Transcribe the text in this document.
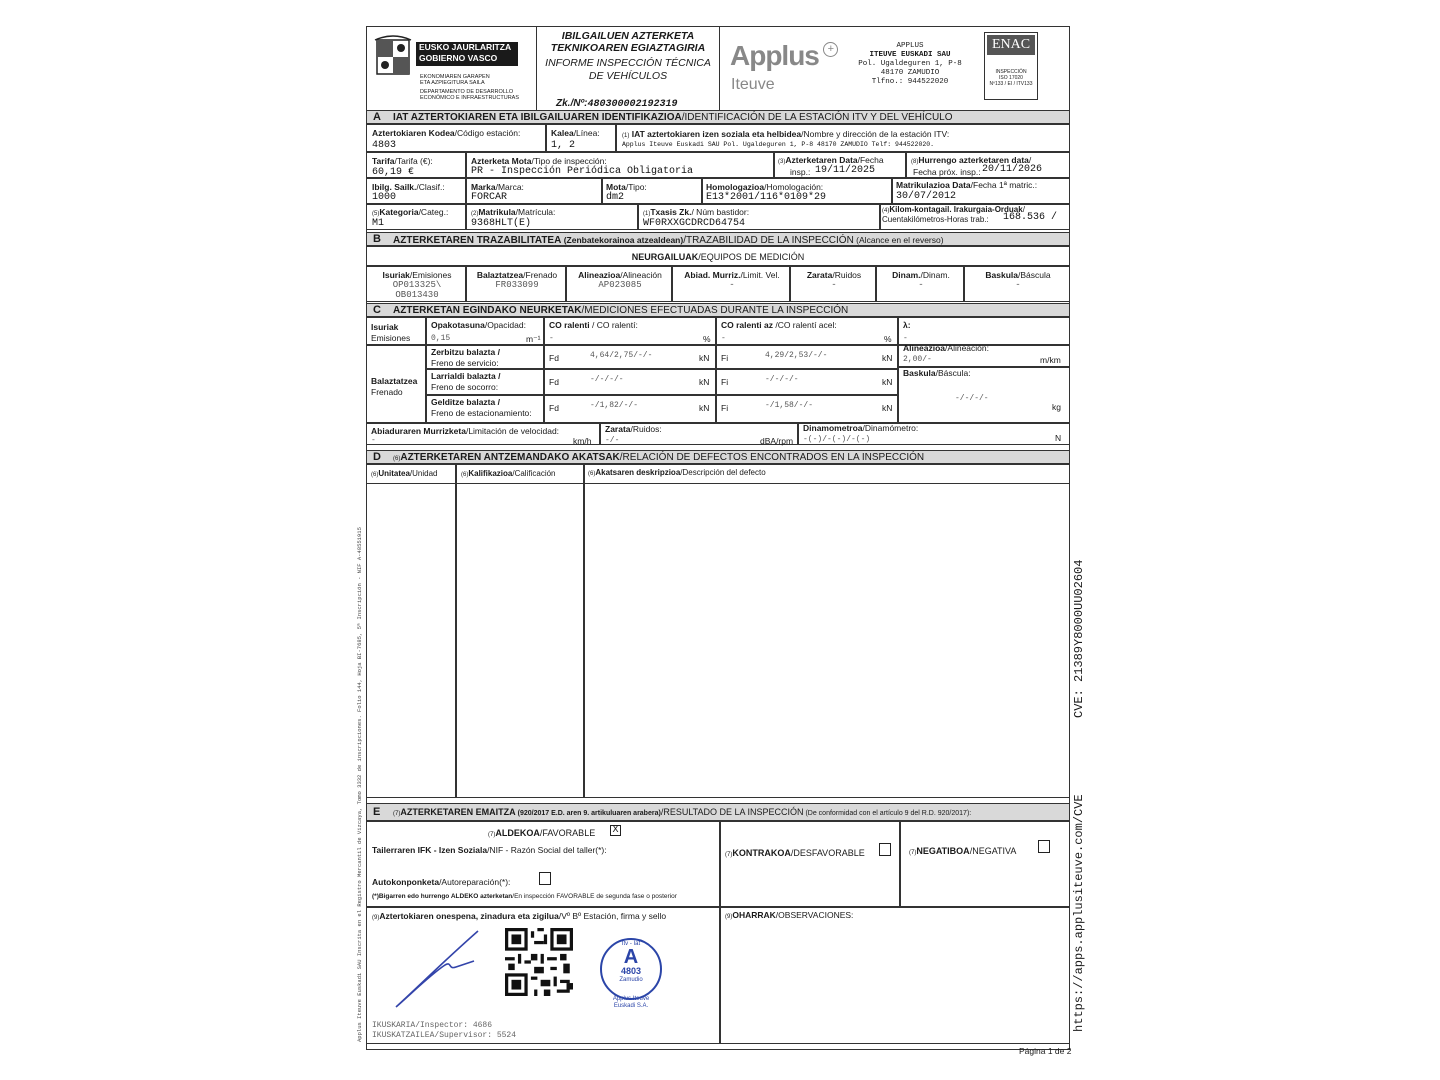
EUSKO JAURLARITZA
GOBIERNO VASCO
EKONOMIAREN GARAPEN
ETA AZPIEGITURA SAILA
DEPARTAMENTO DE DESARROLLO
ECONÓMICO E INFRAESTRUCTURAS
IBILGAILUEN AZTERKETA
TEKNIKOAREN EGIAZTAGIRIA
INFORME INSPECCIÓN TÉCNICA
DE VEHÍCULOS
Zk./Nº:480300002192319
Applus +
Iteuve
APPLUS
ITEUVE EUSKADI SAU
Pol. Ugaldeguren 1, P-8
48170 ZAMUDIO
Tlfno.: 944522020
ENAC
INSPECCIÓN
ISO 17020
Nº133 / EI / ITV133
A IAT AZTERTOKIAREN ETA IBILGAILUAREN IDENTIFIKAZIOA/IDENTIFICACIÓN DE LA ESTACIÓN ITV Y DEL VEHÍCULO
Aztertokiaren Kodea/Código estación:
4803
Kalea/Línea:
1, 2
(1) IAT aztertokiaren izen soziala eta helbidea/Nombre y dirección de la estación ITV:
Applus Iteuve Euskadi SAU Pol. Ugaldeguren 1, P-8 48170 ZAMUDIO Telf: 944522020.
Tarifa/Tarifa (€):
60,19 €
Azterketa Mota/Tipo de inspección:
PR - Inspección Periódica Obligatoria
(3)Azterketaren Data/Fecha
insp.: 19/11/2025
(8)Hurrengo azterketaren data/
Fecha próx. insp.: 20/11/2026
Ibilg. Sailk./Clasif.:
1000
Marka/Marca:
FORCAR
Mota/Tipo:
dm2
Homologazioa/Homologación:
E13*2001/116*0109*29
Matrikulazioa Data/Fecha 1ª matric.:
30/07/2012
(5)Kategoria/Categ.:
M1
(2)Matrikula/Matrícula:
9368HLT(E)
(1)Txasis Zk./ Núm bastidor:
WF0RXXGCDRCD64754
(4)Kilom-kontagail. Irakurgaia-Orduak/
Cuentakilómetros-Horas trab.: 168.536 /
B AZTERKETAREN TRAZABILITATEA (Zenbatekorainoa atzealdean)/TRAZABILIDAD DE LA INSPECCIÓN (Alcance en el reverso)
NEURGAILUAK/EQUIPOS DE MEDICIÓN
Isuriak/Emisiones
OP013325\
OB013430
Balaztatzea/Frenado
FR033099
Alineazioa/Alineación
AP023085
Abiad. Murriz./Limit. Vel.
-
Zarata/Ruidos
-
Dinam./Dinam.
-
Baskula/Báscula
-
C AZTERKETAN EGINDAKO NEURKETAK/MEDICIONES EFECTUADAS DURANTE LA INSPECCIÓN
Isuriak
Emisiones
Opakotasuna/Opacidad:
0,15	m⁻¹
CO ralenti / CO ralentí:
-	%
CO ralenti az /CO ralentí acel:
-	%
λ:
-
Balaztatzea
Frenado
Zerbitzu balazta /
Freno de servicio:	Fd	4,64/2,75/-/-	kN Fi	4,29/2,53/-/-	kN
Larrialdi balazta /
Freno de socorro:	Fd	-/-/-/-	kN Fi	-/-/-/-	kN
Gelditze balazta /
Freno de estacionamiento: Fd	-/1,82/-/-	kN Fi	-/1,58/-/-	kN
Alineazioa/Alineación:
2,00/-	m/km
Baskula/Báscula:
-/-/-/-
kg
Abiaduraren Murrizketa/Limitación de velocidad:
-	km/h
Zarata/Ruidos:
-/-	dBA/rpm
Dinamometroa/Dinamómetro:
-(-)/-(-)/-(-)	N
D (6)AZTERKETAREN ANTZEMANDAKO AKATSAK/RELACIÓN DE DEFECTOS ENCONTRADOS EN LA INSPECCIÓN
(6)Unitatea/Unidad	(6)Kalifikazioa/Calificación	(6)Akatsaren deskripzioa/Descripción del defecto
E (7)AZTERKETAREN EMAITZA (920/2017 E.D. aren 9. artikuluaren arabera)/RESULTADO DE LA INSPECCIÓN (De conformidad con el artículo 9 del R.D. 920/2017):
(7)ALDEKOA/FAVORABLE X
Tailerraren IFK - Izen Soziala/NIF - Razón Social del taller(*):
Autokonponketa/Autoreparación(*):
(*)Bigarren edo hurrengo ALDEKO azterketan/En inspección FAVORABLE de segunda fase o posterior
(7)KONTRAKOA/DESFAVORABLE	(7)NEGATIBOA/NEGATIVA
(9)Aztertokiaren onespena, zinadura eta zigilua/Vº Bº Estación, firma y sello
Itv - Iat
A
4803
Zamudio
Applus Iteuve
Euskadi S.A.
IKUSKARIA/Inspector: 4686
IKUSKATZAILEA/Supervisor: 5524
(9)OHARRAK/OBSERVACIONES:
Página 1 de 2
Applus Iteuve Euskadi SAU Inscrita en el Registro Mercantil de Vizcaya, Tomo 3332 de inscripciones. Folio 144, Hoja BI-7685, 5ª Inscripción - NIF A-48551915	CVE: 21389Y8000UU02604
https://apps.applusiteuve.com/CVE
